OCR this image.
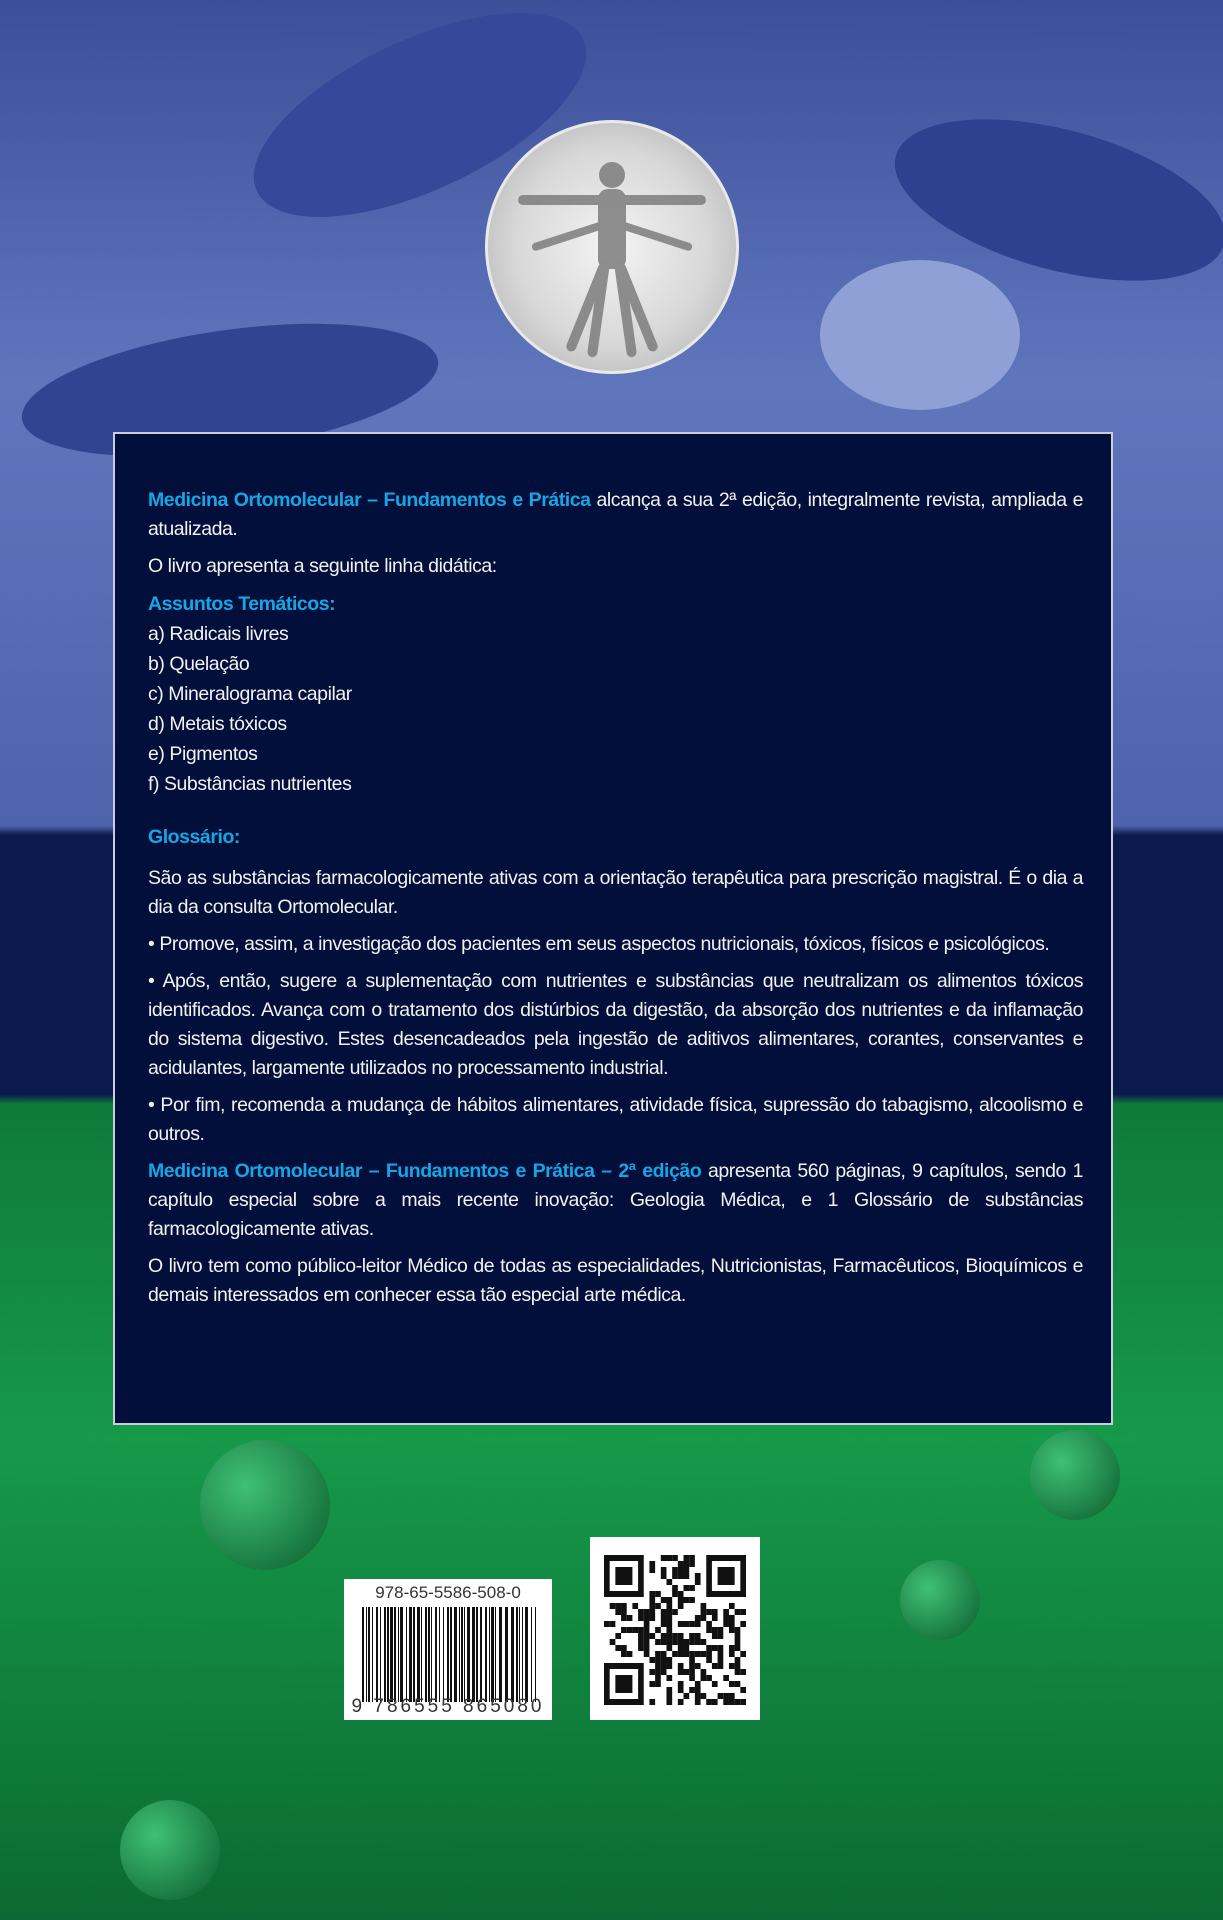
Medicina Ortomolecular – Fundamentos e Prática alcança a sua 2ª edição, integralmente revista, ampliada e atualizada.

O livro apresenta a seguinte linha didática:

Assuntos Temáticos:
a) Radicais livres
b) Quelação
c) Mineralograma capilar
d) Metais tóxicos
e) Pigmentos
f) Substâncias nutrientes
Glossário:

São as substâncias farmacologicamente ativas com a orientação terapêutica para prescrição magistral. É o dia a dia da consulta Ortomolecular.

• Promove, assim, a investigação dos pacientes em seus aspectos nutricionais, tóxicos, físicos e psicológicos.

• Após, então, sugere a suplementação com nutrientes e substâncias que neutralizam os alimentos tóxicos identificados. Avança com o tratamento dos distúrbios da digestão, da absorção dos nutrientes e da inflamação do sistema digestivo. Estes desencadeados pela ingestão de aditivos alimentares, corantes, conservantes e acidulantes, largamente utilizados no processamento industrial.

• Por fim, recomenda a mudança de hábitos alimentares, atividade física, supressão do tabagismo, alcoolismo e outros.

Medicina Ortomolecular – Fundamentos e Prática – 2ª edição apresenta 560 páginas, 9 capítulos, sendo 1 capítulo especial sobre a mais recente inovação: Geologia Médica, e 1 Glossário de substâncias farmacologicamente ativas.

O livro tem como público-leitor Médico de todas as especialidades, Nutricionistas, Farmacêuticos, Bioquímicos e demais interessados em conhecer essa tão especial arte médica.

978-65-5586-508-0
9 786555 865080
